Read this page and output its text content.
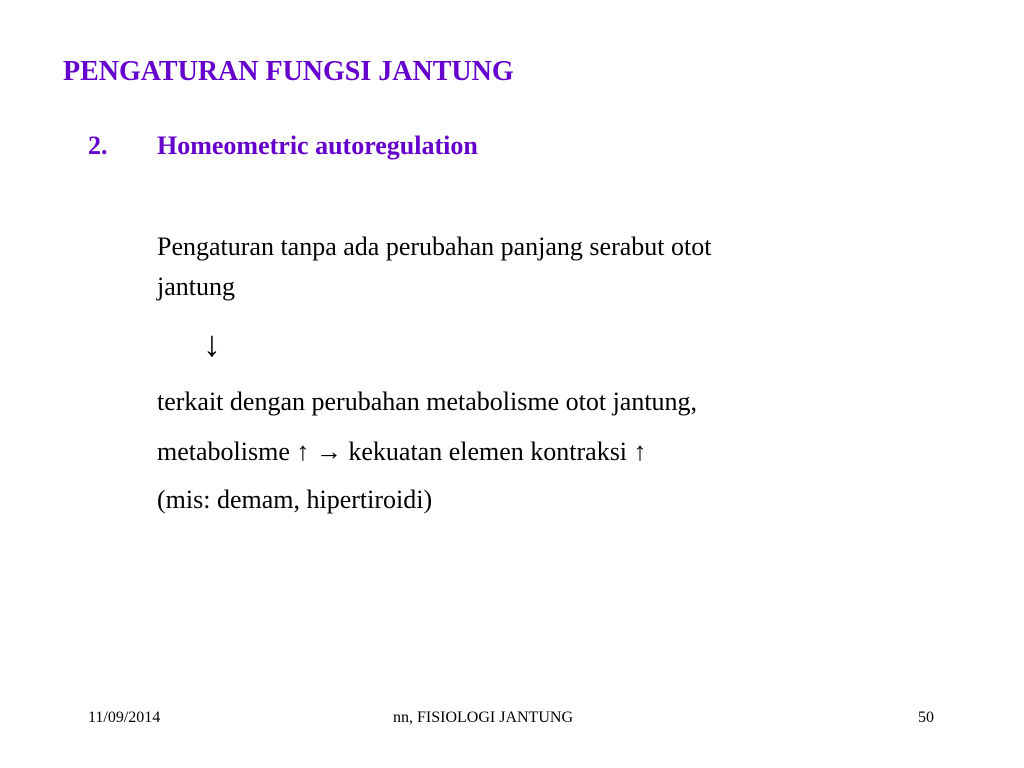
PENGATURAN FUNGSI JANTUNG
2. Homeometric autoregulation
Pengaturan tanpa ada perubahan panjang serabut otot
jantung
↓
terkait dengan perubahan metabolisme otot jantung,
metabolisme ↑ → kekuatan elemen kontraksi ↑
(mis: demam, hipertiroidi)
11/09/2014	nn, FISIOLOGI JANTUNG	50
